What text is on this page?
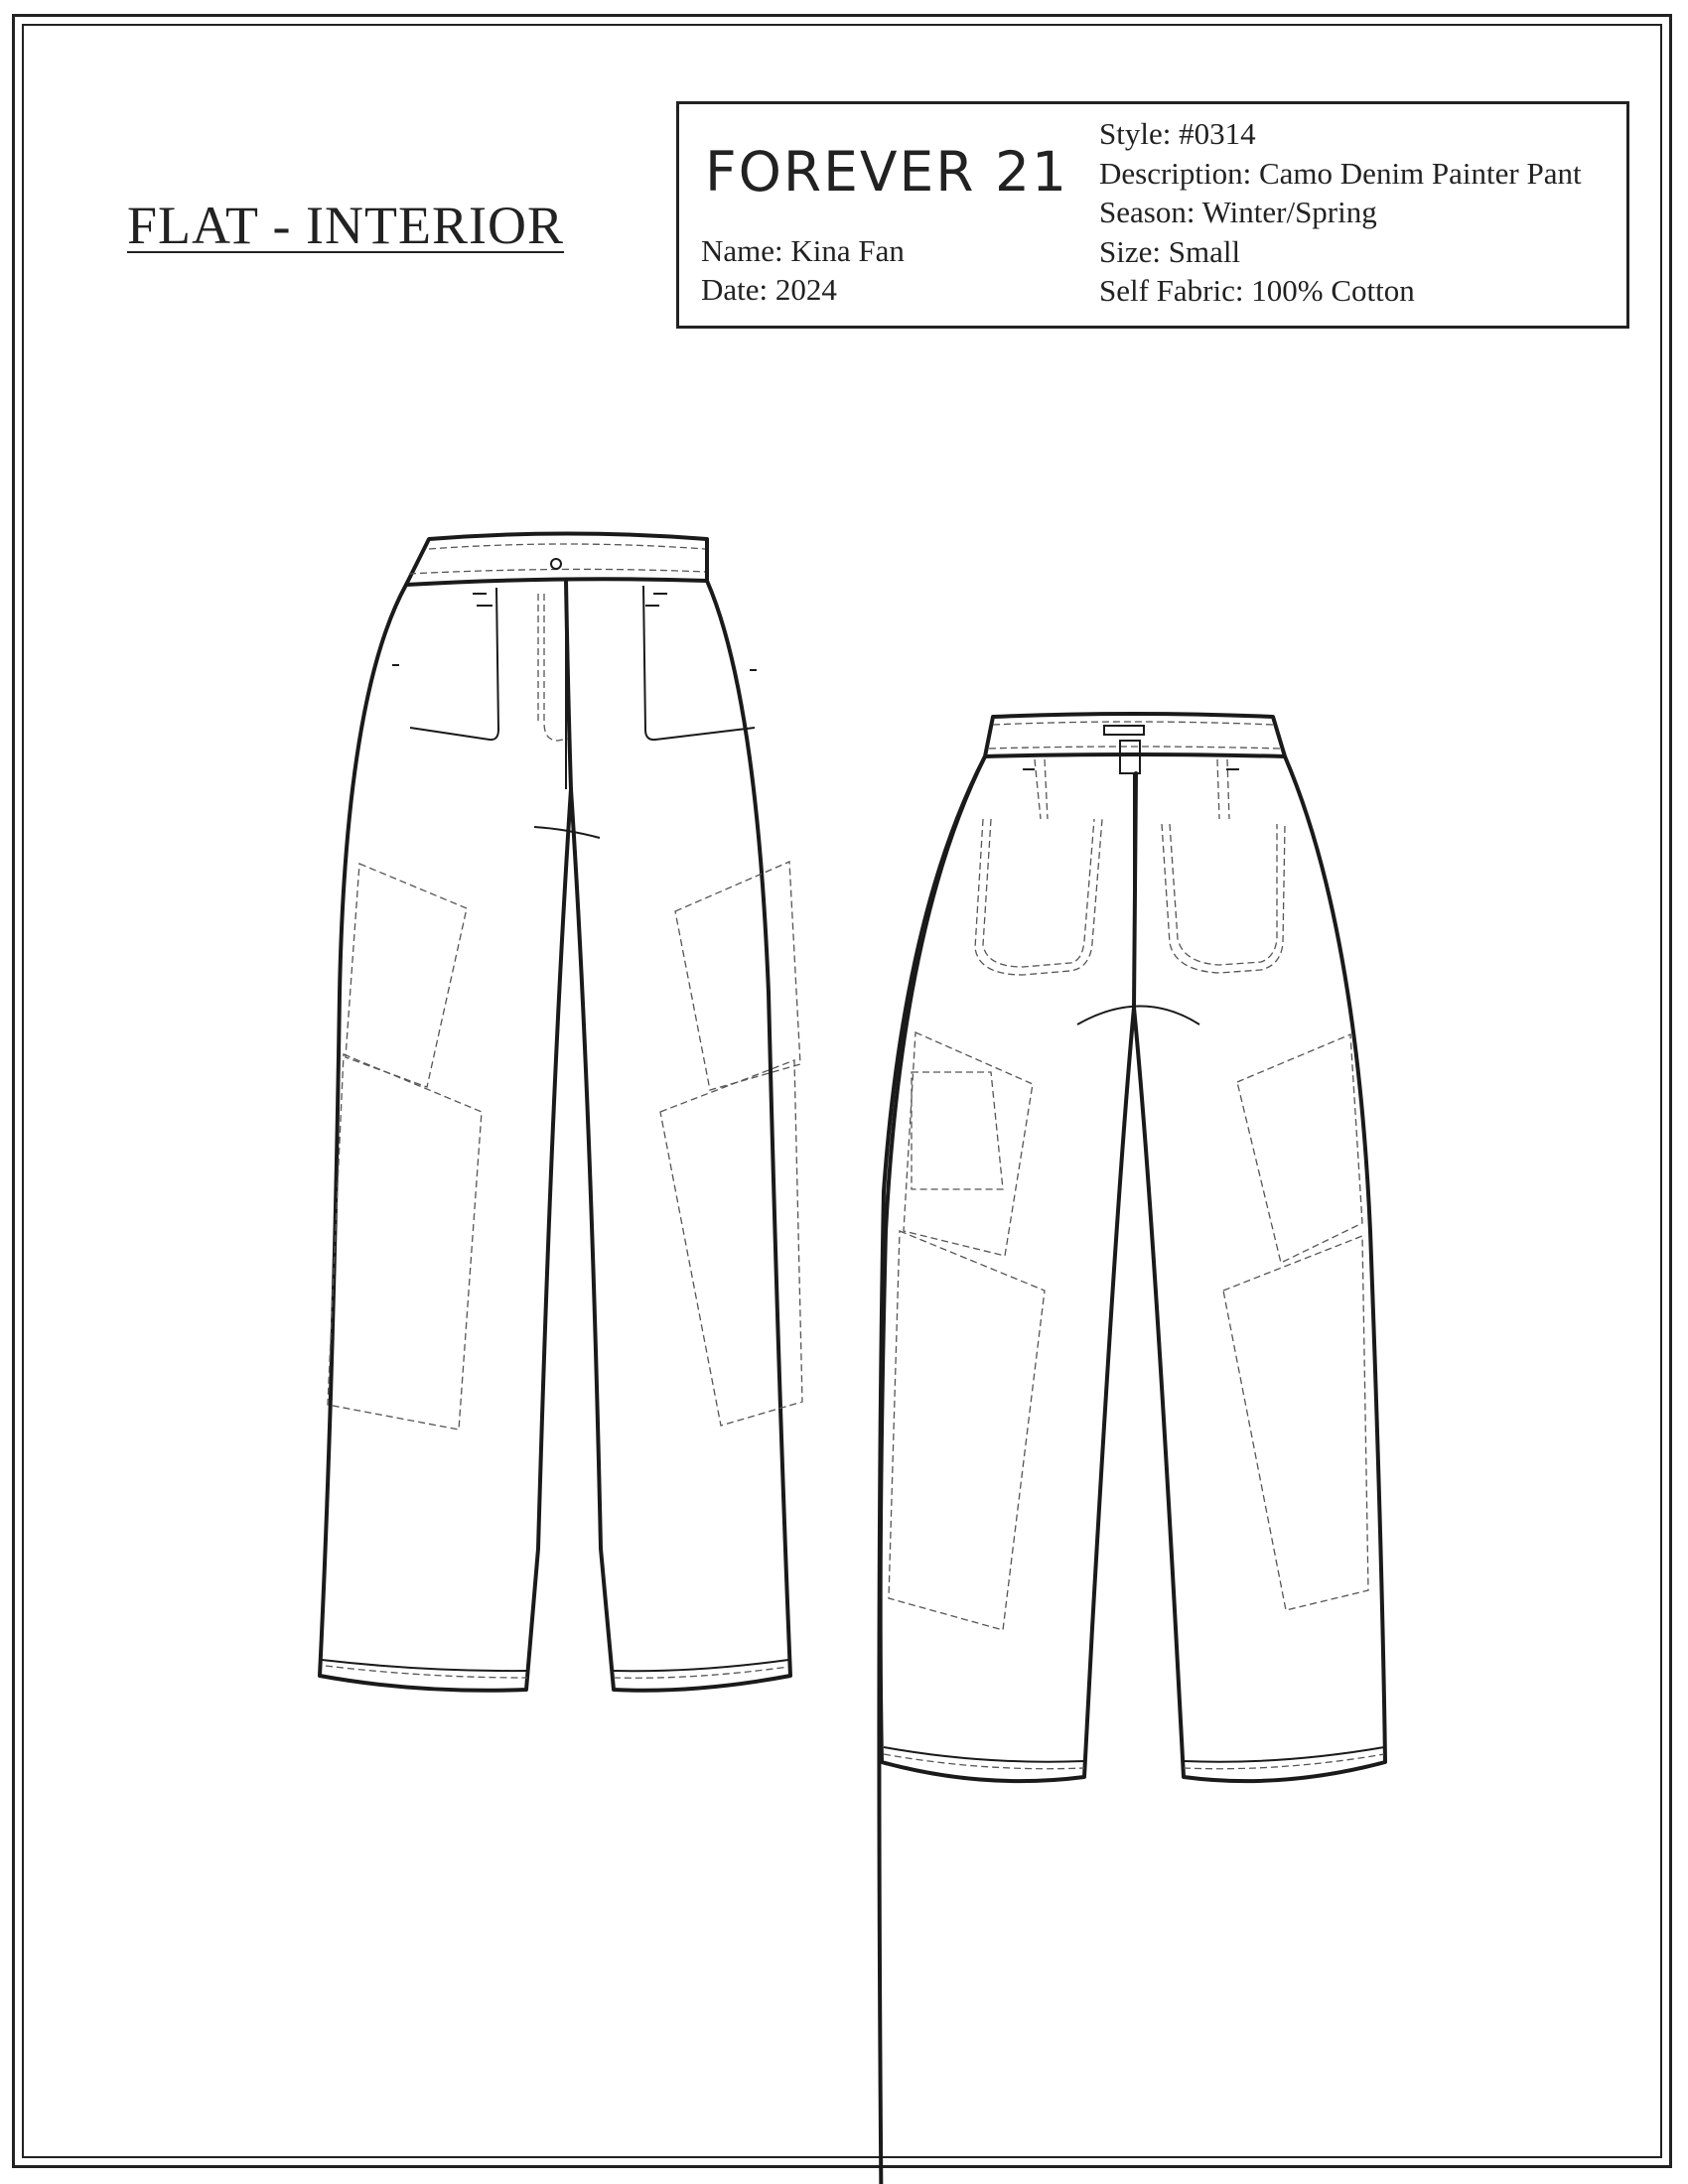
FLAT - INTERIOR
FOREVER 21
Name: Kina Fan
Date: 2024
Style: #0314
Description: Camo Denim Painter Pant
Season: Winter/Spring
Size: Small
Self Fabric: 100% Cotton
